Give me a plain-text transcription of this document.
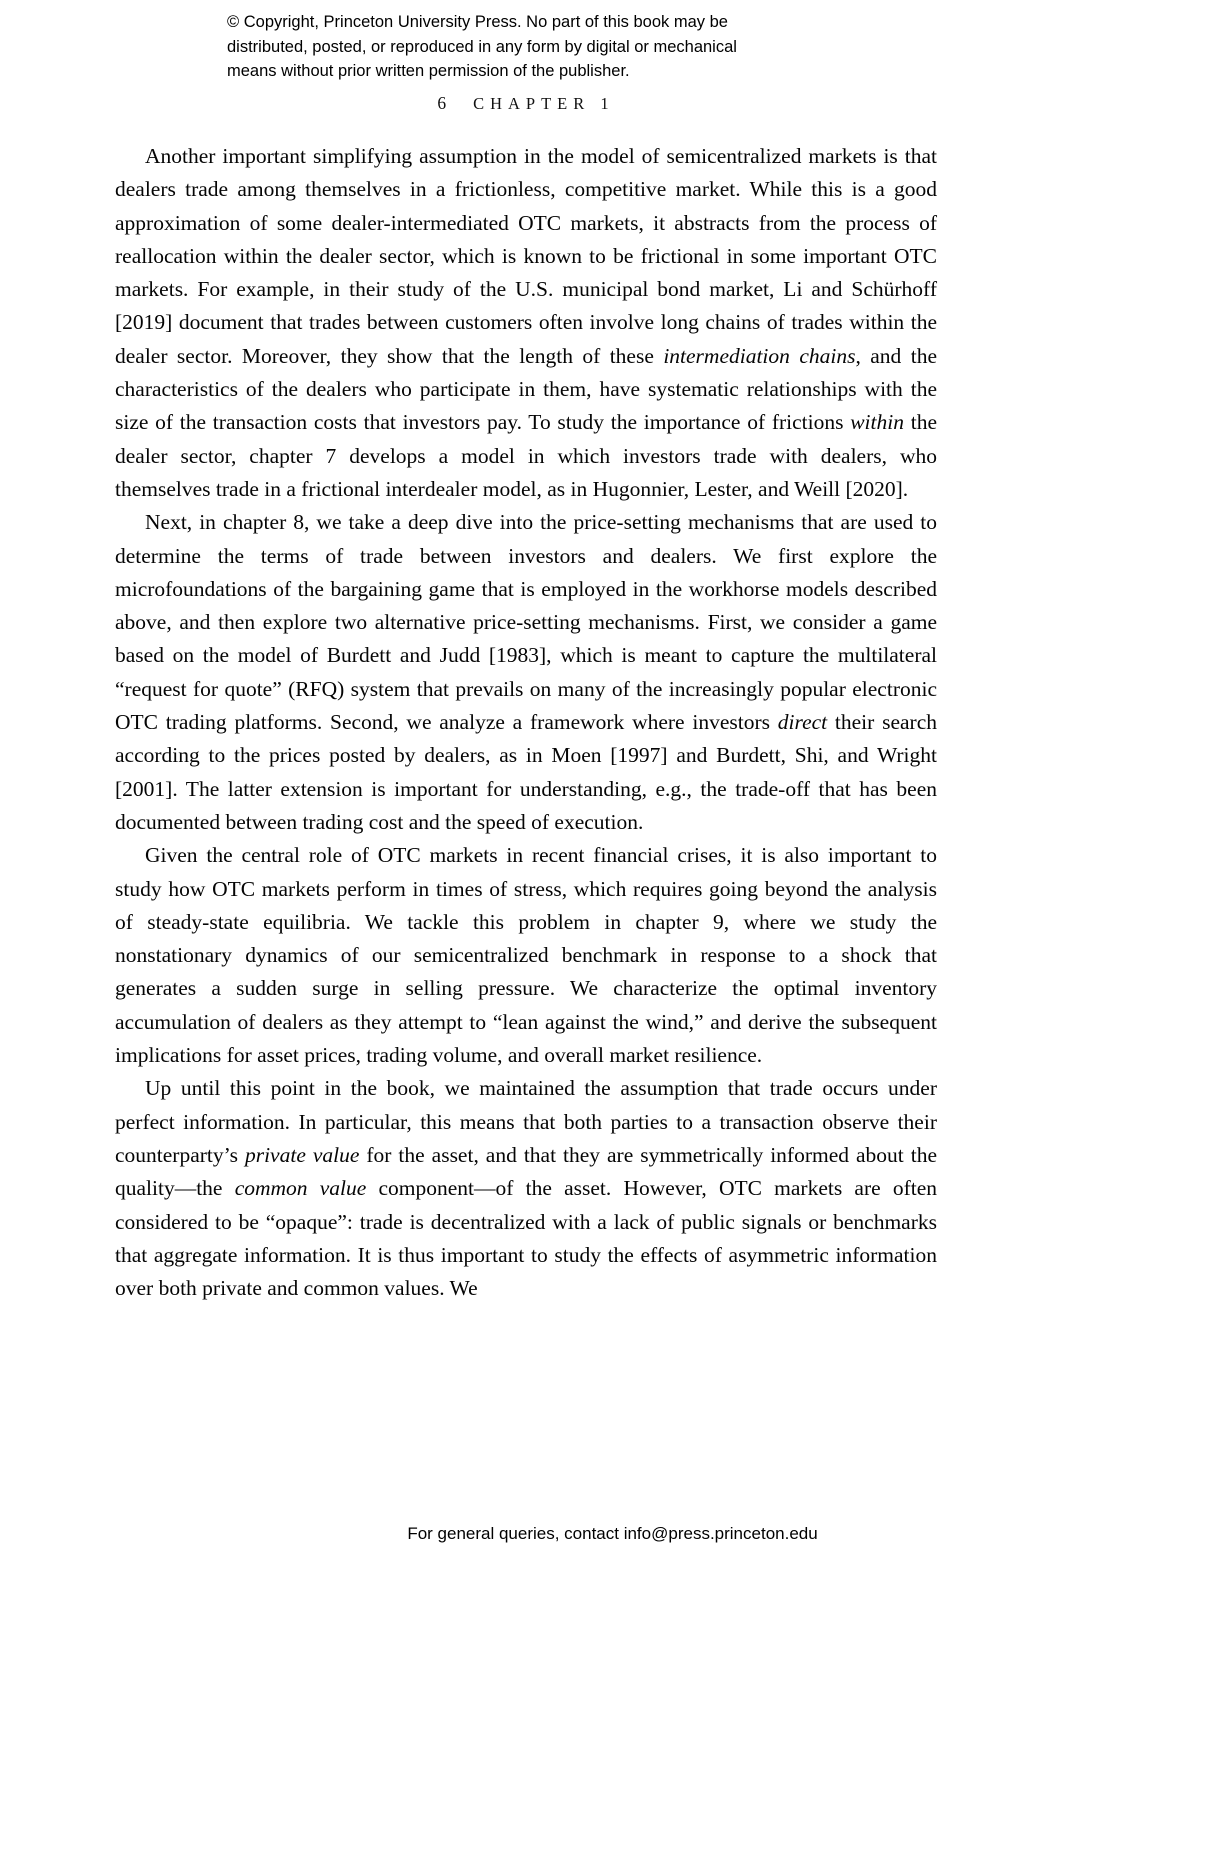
© Copyright, Princeton University Press. No part of this book may be
distributed, posted, or reproduced in any form by digital or mechanical
means without prior written permission of the publisher.
6 CHAPTER 1

Another important simplifying assumption in the model of semicentralized markets is that dealers trade among themselves in a frictionless, competitive market. While this is a good approximation of some dealer-intermediated OTC markets, it abstracts from the process of reallocation within the dealer sector, which is known to be frictional in some important OTC markets. For example, in their study of the U.S. municipal bond market, Li and Schürhoff [2019] document that trades between customers often involve long chains of trades within the dealer sector. Moreover, they show that the length of these intermediation chains, and the characteristics of the dealers who participate in them, have systematic relationships with the size of the transaction costs that investors pay. To study the importance of frictions within the dealer sector, chapter 7 develops a model in which investors trade with dealers, who themselves trade in a frictional interdealer model, as in Hugonnier, Lester, and Weill [2020].

Next, in chapter 8, we take a deep dive into the price-setting mechanisms that are used to determine the terms of trade between investors and dealers. We first explore the microfoundations of the bargaining game that is employed in the workhorse models described above, and then explore two alternative price-setting mechanisms. First, we consider a game based on the model of Burdett and Judd [1983], which is meant to capture the multilateral “request for quote” (RFQ) system that prevails on many of the increasingly popular electronic OTC trading platforms. Second, we analyze a framework where investors direct their search according to the prices posted by dealers, as in Moen [1997] and Burdett, Shi, and Wright [2001]. The latter extension is important for understanding, e.g., the trade-off that has been documented between trading cost and the speed of execution.

Given the central role of OTC markets in recent financial crises, it is also important to study how OTC markets perform in times of stress, which requires going beyond the analysis of steady-state equilibria. We tackle this problem in chapter 9, where we study the nonstationary dynamics of our semicentralized benchmark in response to a shock that generates a sudden surge in selling pressure. We characterize the optimal inventory accumulation of dealers as they attempt to “lean against the wind,” and derive the subsequent implications for asset prices, trading volume, and overall market resilience.

Up until this point in the book, we maintained the assumption that trade occurs under perfect information. In particular, this means that both parties to a transaction observe their counterparty’s private value for the asset, and that they are symmetrically informed about the quality—the common value component—of the asset. However, OTC markets are often considered to be “opaque”: trade is decentralized with a lack of public signals or benchmarks that aggregate information. It is thus important to study the effects of asymmetric information over both private and common values. We

For general queries, contact info@press.princeton.edu
